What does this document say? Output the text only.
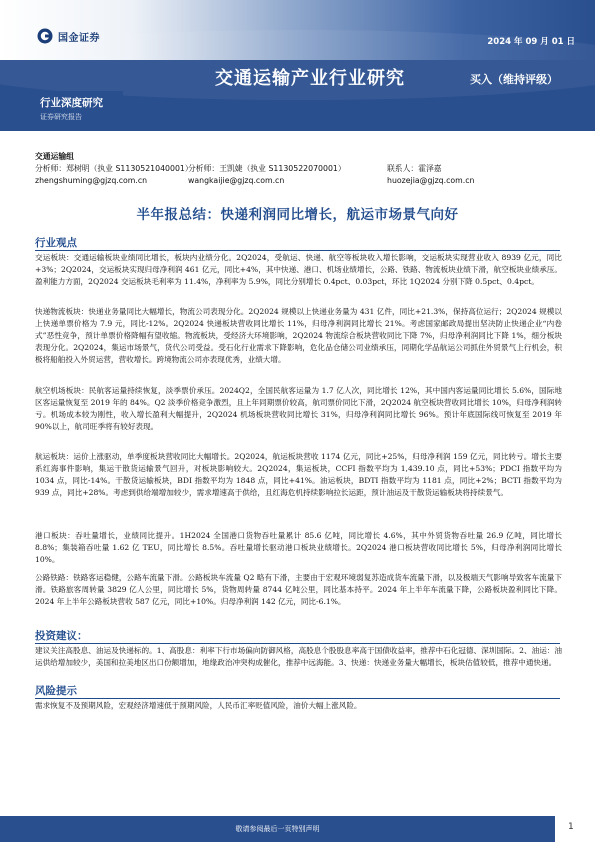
国金证券	2024 年 09 月 01 日
交通运输产业行业研究	买入（维持评级）
行业深度研究
证券研究报告
交通运输组
分析师：郑树明（执业 S1130521040001）
分析师：王凯婕（执业 S1130522070001）	联系人：霍泽嘉
zhengshuming@gjzq.com.cn	wangkaijie@gjzq.com.cn	huozejia@gjzq.com.cn
半年报总结：快递利润同比增长，航运市场景气向好
行业观点
交运板块：交通运输板块业绩同比增长，板块内业绩分化。2Q2024，受航运、快递、航空等板块收入增长影响，交运板块实现营业收入 8939 亿元，同比+3%；2Q2024，交运板块实现归母净利润 461 亿元，同比+4%，其中快递、港口、机场业绩增长，公路、铁路、物流板块业绩下滑，航空板块业绩承压。盈利能力方面，2Q2024 交运板块毛利率为 11.4%，净利率为 5.9%，同比分别增长 0.4pct、0.03pct，环比 1Q2024 分别下降 0.5pct、0.4pct。
快递物流板块：快递业务量同比大幅增长，物流公司表现分化。2Q2024 规模以上快递业务量为 431 亿件，同比+21.3%，保持高位运行；2Q2024 规模以上快递单票价格为 7.9 元，同比-12%。2Q2024 快递板块营收同比增长 11%，归母净利润同比增长 21%。考虑国家邮政局提出坚决防止快递企业“内卷式”恶性竞争，预计单票价格降幅有望收缩。物流板块，受经济大环境影响，2Q2024 物流综合板块营收同比下降 7%，归母净利润同比下降 1%，细分板块表现分化。2Q2024，集运市场景气，货代公司受益。受石化行业需求下降影响，危化品仓储公司业绩承压，同期化学品航运公司抓住外贸景气上行机会，积极将船舶投入外贸运营，营收增长。跨境物流公司亦表现优秀，业绩大增。
航空机场板块：民航客运量持续恢复，淡季票价承压。2024Q2，全国民航客运量为 1.7 亿人次，同比增长 12%，其中国内客运量同比增长 5.6%，国际地区客运量恢复至 2019 年的 84%。Q2 淡季价格竞争激烈，且上年同期票价较高，航司票价同比下滑，2Q2024 航空板块营收同比增长 10%，归母净利润转亏。机场成本较为刚性，收入增长盈利大幅提升，2Q2024 机场板块营收同比增长 31%，归母净利润同比增长 96%。预计年底国际线可恢复至 2019 年 90%以上，航司旺季将有较好表现。
航运板块：运价上涨驱动，单季度板块营收同比大幅增长。2Q2024，航运板块营收 1174 亿元，同比+25%，归母净利润 159 亿元，同比转亏。增长主要系红海事件影响，集运干散货运输景气回升，对板块影响较大。2Q2024，集运板块，CCFI 指数平均为 1,439.10 点，同比+53%；PDCI 指数平均为 1034 点，同比-14%。干散货运输板块，BDI 指数平均为 1848 点，同比+41%。油运板块，BDTI 指数平均为 1181 点，同比+2%；BCTI 指数平均为 939 点，同比+28%。考虑到供给端增加较少，需求增速高于供给，且红海危机持续影响拉长运距，预计油运及干散货运输板块将持续景气。
港口板块：吞吐量增长，业绩同比提升。1H2024 全国港口货物吞吐量累计 85.6 亿吨，同比增长 4.6%，其中外贸货物吞吐量 26.9 亿吨，同比增长 8.8%；集装箱吞吐量 1.62 亿 TEU，同比增长 8.5%。吞吐量增长驱动港口板块业绩增长。2Q2024 港口板块营收同比增长 5%，归母净利润同比增长 10%。
公路铁路：铁路客运稳健，公路车流量下滑。公路板块车流量 Q2 略有下滑，主要由于宏观环境弱复苏造成货车流量下滑，以及极端天气影响导致客车流量下滑。铁路旅客周转量 3829 亿人公里，同比增长 5%，货物周转量 8744 亿吨公里，同比基本持平。2024 年上半年车流量下降，公路板块盈利同比下降。2024 年上半年公路板块营收 587 亿元，同比+10%。归母净利润 142 亿元，同比-6.1%。
投资建议：
建议关注高股息、油运及快递标的。1、高股息：利率下行市场偏向防御风格，高股息个股股息率高于国债收益率，推荐中石化冠德、深圳国际。2、油运：油运供给增加较少，美国和拉美地区出口份额增加，地缘政治冲突构成催化，推荐中远海能。3、快递：快递业务量大幅增长，板块估值较低，推荐中通快递。
风险提示
需求恢复不及预期风险，宏观经济增速低于预期风险，人民币汇率贬值风险，油价大幅上涨风险。
敬请参阅最后一页特别声明	1
